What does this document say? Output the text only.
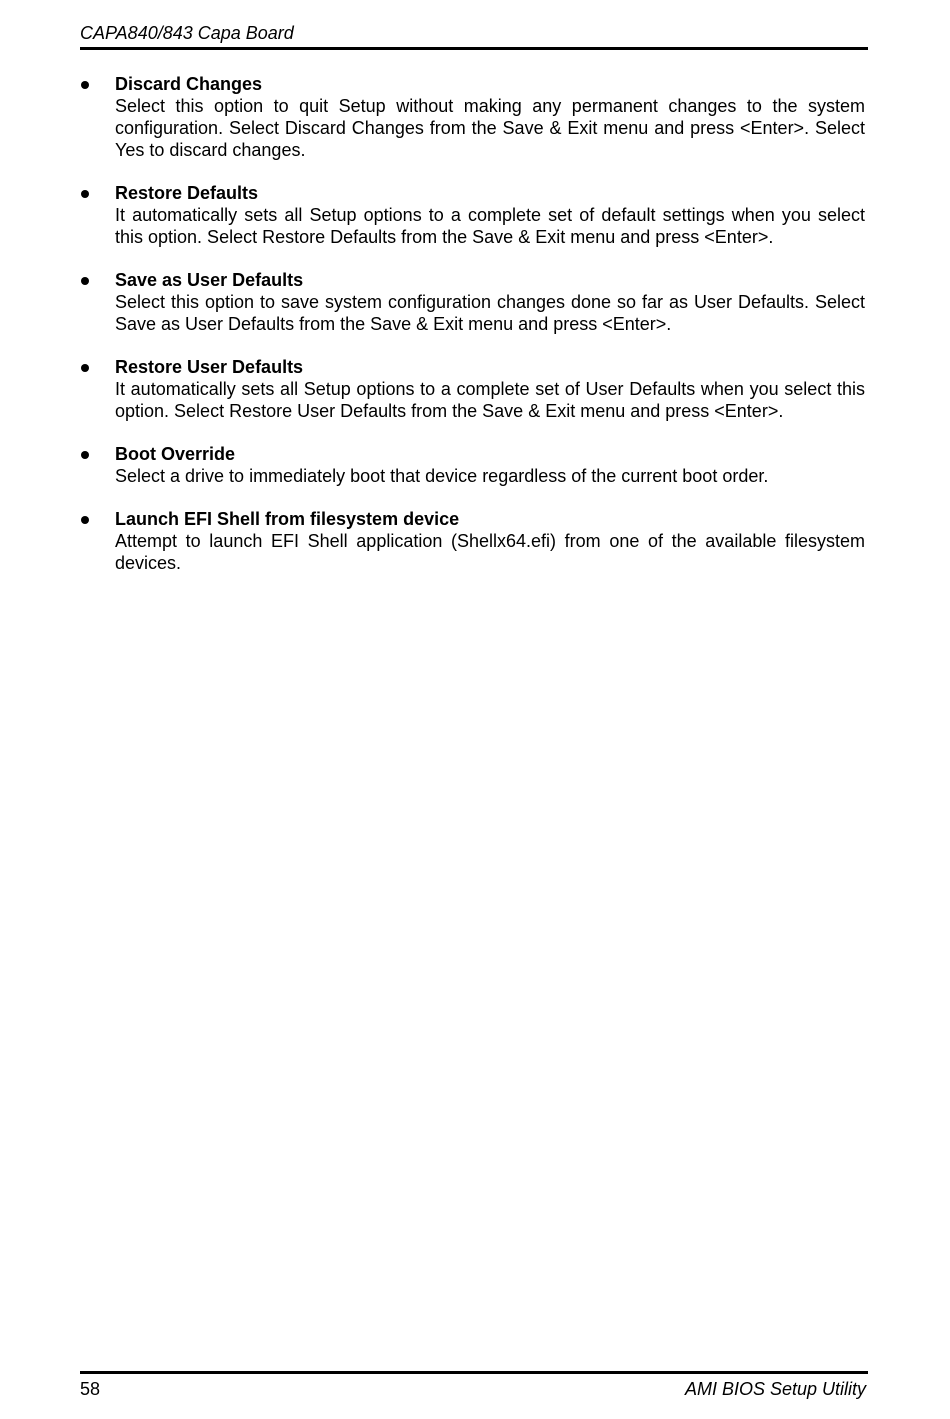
CAPA840/843 Capa Board
Discard Changes
Select this option to quit Setup without making any permanent changes to the system configuration. Select Discard Changes from the Save & Exit menu and press <Enter>. Select Yes to discard changes.
Restore Defaults
It automatically sets all Setup options to a complete set of default settings when you select this option. Select Restore Defaults from the Save & Exit menu and press <Enter>.
Save as User Defaults
Select this option to save system configuration changes done so far as User Defaults. Select Save as User Defaults from the Save & Exit menu and press <Enter>.
Restore User Defaults
It automatically sets all Setup options to a complete set of User Defaults when you select this option. Select Restore User Defaults from the Save & Exit menu and press <Enter>.
Boot Override
Select a drive to immediately boot that device regardless of the current boot order.
Launch EFI Shell from filesystem device
Attempt to launch EFI Shell application (Shellx64.efi) from one of the available filesystem devices.
58	AMI BIOS Setup Utility
